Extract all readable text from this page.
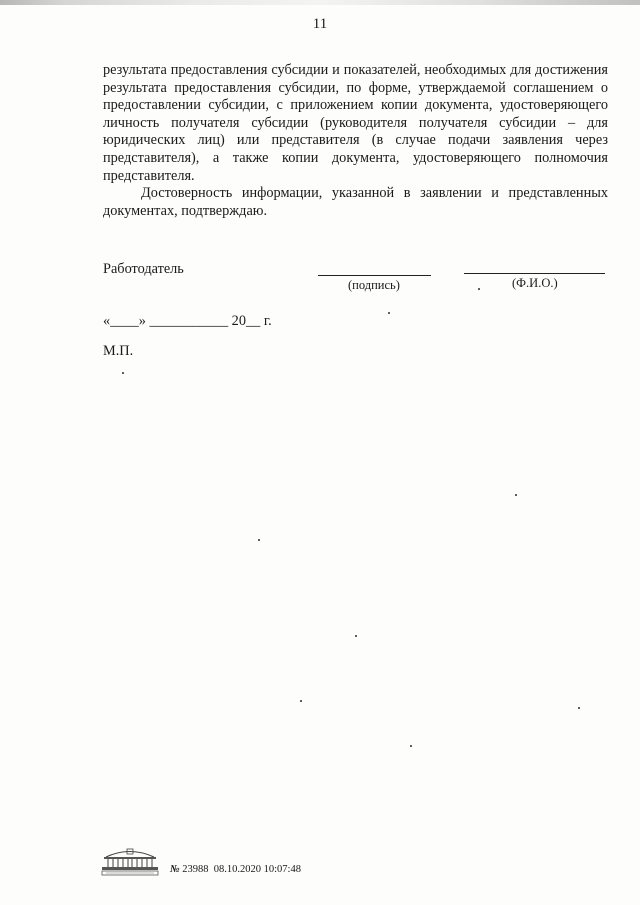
11

результата предоставления субсидии и показателей, необходимых для достижения результата предоставления субсидии, по форме, утверждаемой соглашением о предоставлении субсидии, с приложением копии документа, удостоверяющего личность получателя субсидии (руководителя получателя субсидии – для юридических лиц) или представителя (в случае подачи заявления через представителя), а также копии документа, удостоверяющего полномочия представителя.

Достоверность информации, указанной в заявлении и представленных документах, подтверждаю.

Работодатель
(подпись)	(Ф.И.О.)
«____» ___________ 20__ г.
М.П.
№ 23988  08.10.2020 10:07:48
